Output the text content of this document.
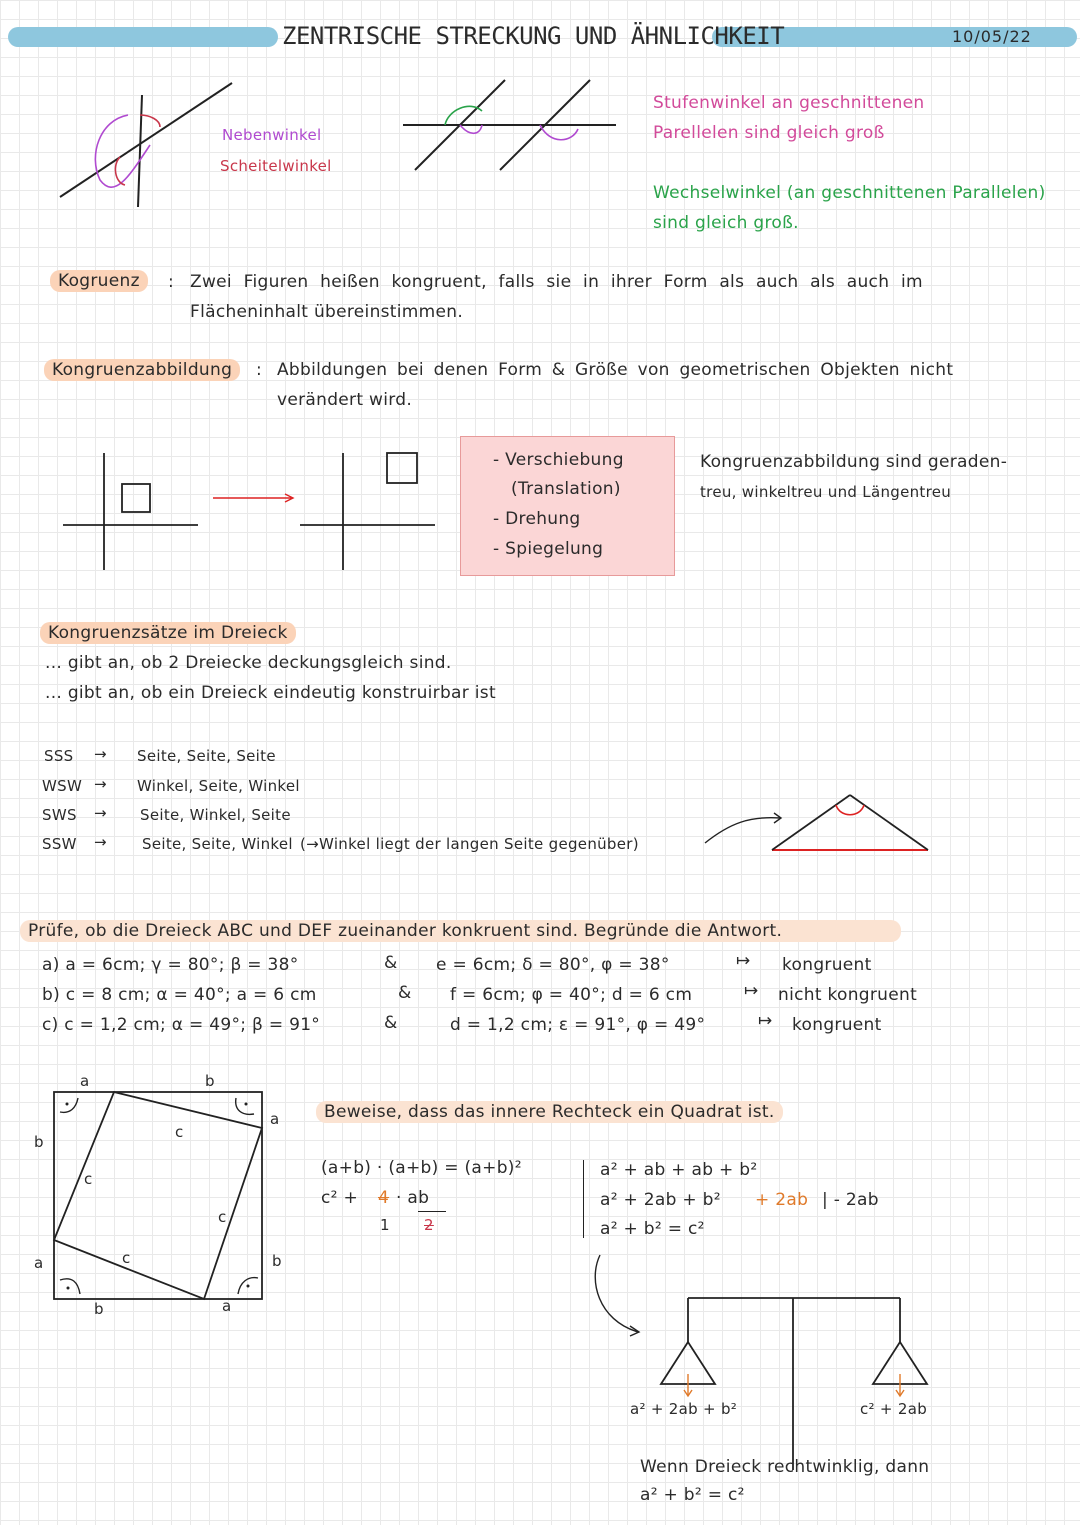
ZENTRISCHE STRECKUNG UND ÄHNLICHKEIT	10/05/22
Nebenwinkel
Scheitelwinkel
Stufenwinkel an geschnittenen
Parellelen sind gleich groß
Wechselwinkel (an geschnittenen Parallelen)
sind gleich groß.
Kogruenz	: Zwei Figuren heißen kongruent, falls sie in ihrer Form als auch als auch im
Flächeninhalt übereinstimmen.
Kongruenzabbildung	: Abbildungen bei denen Form & Größe von geometrischen Objekten nicht
verändert wird.
- Verschiebung
(Translation)
- Drehung
- Spiegelung
Kongruenzabbildung sind geraden-
treu, winkeltreu und Längentreu
Kongruenzsätze im Dreieck
... gibt an, ob 2 Dreiecke deckungsgleich sind.
... gibt an, ob ein Dreieck eindeutig konstruirbar ist
SSS → Seite, Seite, Seite
WSW → Winkel, Seite, Winkel
SWS → Seite, Winkel, Seite
SSW → Seite, Seite, Winkel (→Winkel liegt der langen Seite gegenüber)
Prüfe, ob die Dreieck ABC und DEF zueinander konkruent sind. Begründe die Antwort.
a) a = 6cm; γ = 80°; β = 38°	& e = 6cm; δ = 80°, φ = 38°	↦ kongruent
b) c = 8 cm; α = 40°; a = 6 cm	& f = 6cm; φ = 40°; d = 6 cm	↦ nicht kongruent
c) c = 1,2 cm; α = 49°; β = 91°	&	d = 1,2 cm; ε = 91°, φ = 49°	↦ kongruent
a	b
b
a
a
b
b	a
c
c
c
c
Beweise, dass das innere Rechteck ein Quadrat ist.
(a+b) · (a+b) = (a+b)²
c² + 4 · ab
1 2
a² + ab + ab + b²
a² + 2ab + b² + 2ab | - 2ab
a² + b² = c²
a² + 2ab + b²	c² + 2ab
Wenn Dreieck rechtwinklig, dann
a² + b² = c²
